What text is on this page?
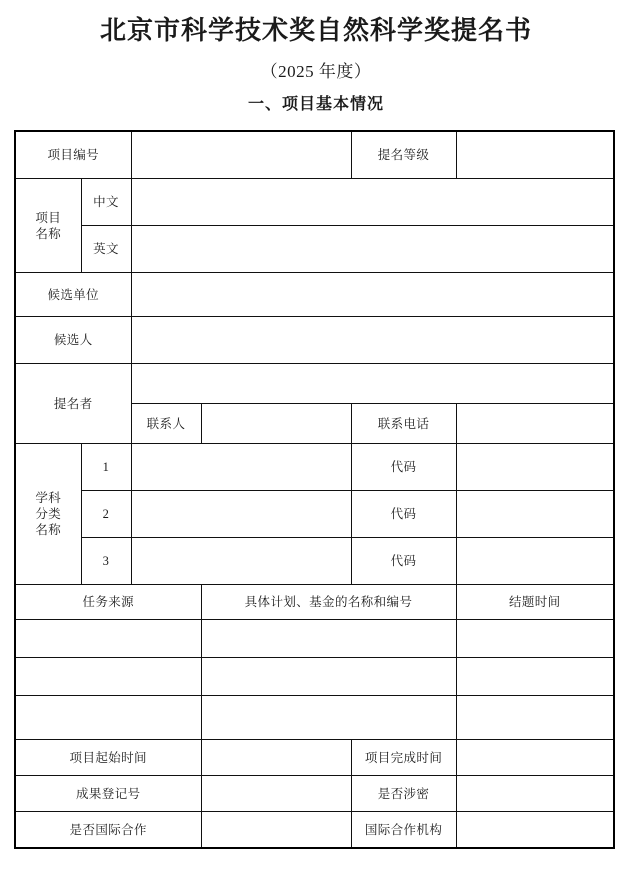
北京市科学技术奖自然科学奖提名书
（2025 年度）
一、项目基本情况
项目编号				提名等级	

项目
名称	中文				
	英文				
候选单位					
候选人					
提名者					
		联系人		联系电话	

学科
分类
名称	1			代码	
	2			代码	
	3			代码	
任务来源			具体计划、基金的名称和编号		结题时间

项目起始时间				项目完成时间	
成果登记号				是否涉密	
是否国际合作				国际合作机构	
